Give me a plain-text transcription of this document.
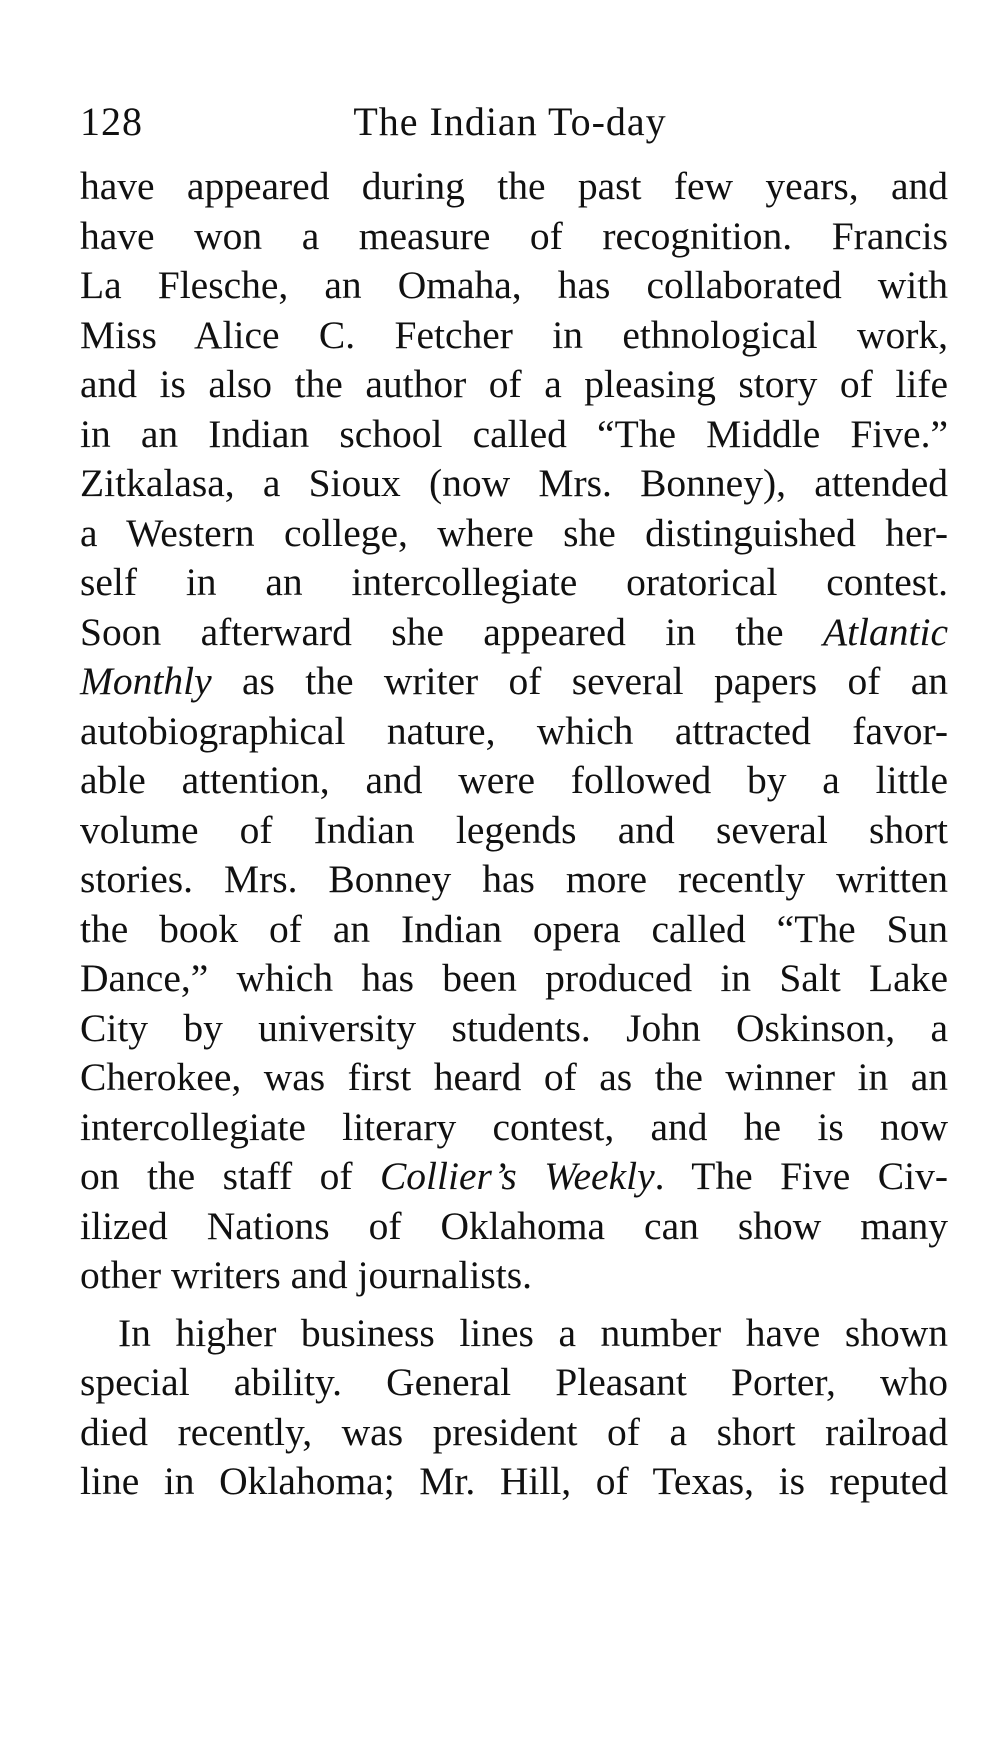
128	The Indian To-day

have appeared during the past few years, and
have won a measure of recognition. Francis
La Flesche, an Omaha, has collaborated with
Miss Alice C. Fetcher in ethnological work,
and is also the author of a pleasing story of life
in an Indian school called “The Middle Five.”
Zitkalasa, a Sioux (now Mrs. Bonney), attended
a Western college, where she distinguished her-
self in an intercollegiate oratorical contest.
Soon afterward she appeared in the Atlantic
Monthly as the writer of several papers of an
autobiographical nature, which attracted favor-
able attention, and were followed by a little
volume of Indian legends and several short
stories. Mrs. Bonney has more recently written
the book of an Indian opera called “The Sun
Dance,” which has been produced in Salt Lake
City by university students. John Oskinson, a
Cherokee, was first heard of as the winner in an
intercollegiate literary contest, and he is now
on the staff of Collier’s Weekly. The Five Civ-
ilized Nations of Oklahoma can show many
other writers and journalists.

In higher business lines a number have shown
special ability. General Pleasant Porter, who
died recently, was president of a short railroad
line in Oklahoma; Mr. Hill, of Texas, is reputed
